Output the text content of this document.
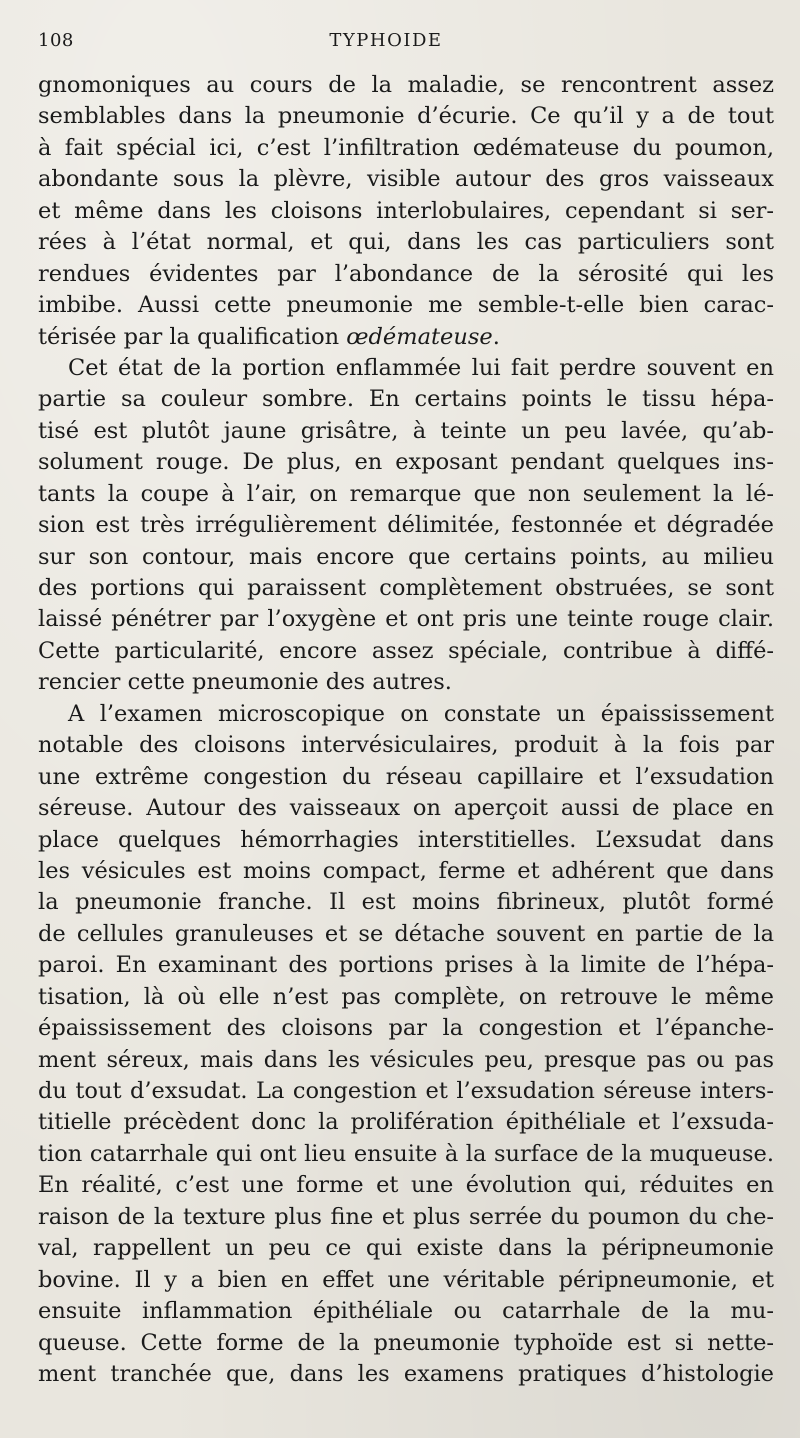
108	TYPHOIDE
gnomoniques au cours de la maladie, se rencontrent assez
semblables dans la pneumonie d’écurie. Ce qu’il y a de tout
à fait spécial ici, c’est l’infiltration œdémateuse du poumon,
abondante sous la plèvre, visible autour des gros vaisseaux
et même dans les cloisons interlobulaires, cependant si ser-
rées à l’état normal, et qui, dans les cas particuliers sont
rendues évidentes par l’abondance de la sérosité qui les
imbibe. Aussi cette pneumonie me semble-t-elle bien carac-
térisée par la qualification œdémateuse.
Cet état de la portion enflammée lui fait perdre souvent en
partie sa couleur sombre. En certains points le tissu hépa-
tisé est plutôt jaune grisâtre, à teinte un peu lavée, qu’ab-
solument rouge. De plus, en exposant pendant quelques ins-
tants la coupe à l’air, on remarque que non seulement la lé-
sion est très irrégulièrement délimitée, festonnée et dégradée
sur son contour, mais encore que certains points, au milieu
des portions qui paraissent complètement obstruées, se sont
laissé pénétrer par l’oxygène et ont pris une teinte rouge clair.
Cette particularité, encore assez spéciale, contribue à diffé-
rencier cette pneumonie des autres.
A l’examen microscopique on constate un épaississement
notable des cloisons intervésiculaires, produit à la fois par
une extrême congestion du réseau capillaire et l’exsudation
séreuse. Autour des vaisseaux on aperçoit aussi de place en
place quelques hémorrhagies interstitielles. L’exsudat dans
les vésicules est moins compact, ferme et adhérent que dans
la pneumonie franche. Il est moins fibrineux, plutôt formé
de cellules granuleuses et se détache souvent en partie de la
paroi. En examinant des portions prises à la limite de l’hépa-
tisation, là où elle n’est pas complète, on retrouve le même
épaississement des cloisons par la congestion et l’épanche-
ment séreux, mais dans les vésicules peu, presque pas ou pas
du tout d’exsudat. La congestion et l’exsudation séreuse inters-
titielle précèdent donc la prolifération épithéliale et l’exsuda-
tion catarrhale qui ont lieu ensuite à la surface de la muqueuse.
En réalité, c’est une forme et une évolution qui, réduites en
raison de la texture plus fine et plus serrée du poumon du che-
val, rappellent un peu ce qui existe dans la péripneumonie
bovine. Il y a bien en effet une véritable péripneumonie, et
ensuite inflammation épithéliale ou catarrhale de la mu-
queuse. Cette forme de la pneumonie typhoïde est si nette-
ment tranchée que, dans les examens pratiques d’histologie
